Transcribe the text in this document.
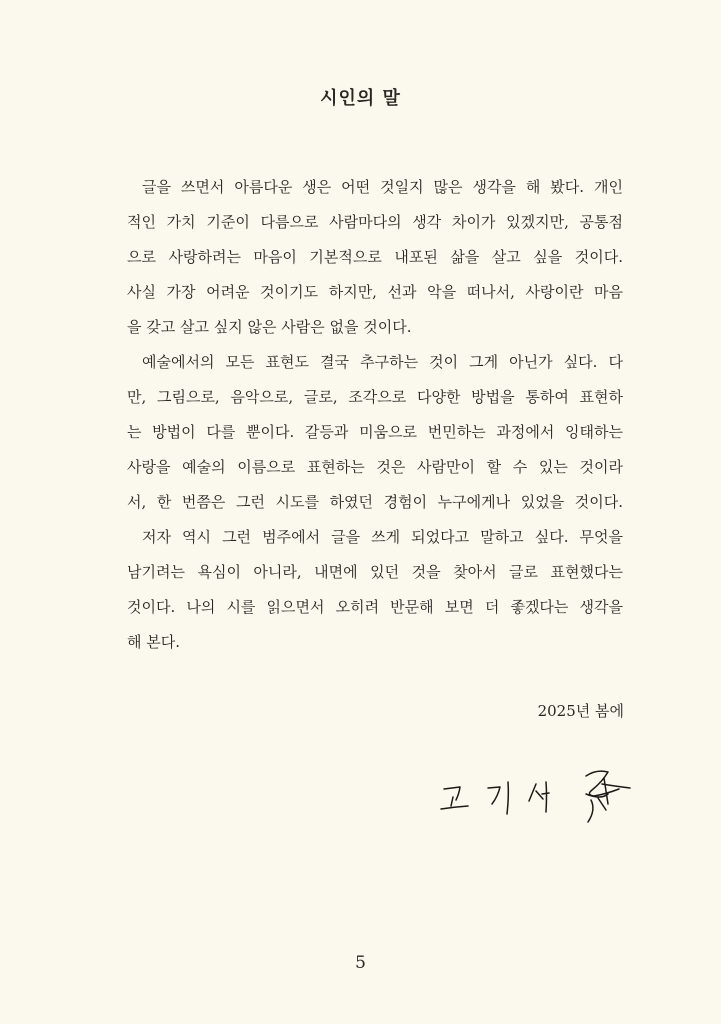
시인의 말

글을 쓰면서 아름다운 생은 어떤 것일지 많은 생각을 해 봤다. 개인
적인 가치 기준이 다름으로 사람마다의 생각 차이가 있겠지만, 공통점
으로 사랑하려는 마음이 기본적으로 내포된 삶을 살고 싶을 것이다.
사실 가장 어려운 것이기도 하지만, 선과 악을 떠나서, 사랑이란 마음
을 갖고 살고 싶지 않은 사람은 없을 것이다.

예술에서의 모든 표현도 결국 추구하는 것이 그게 아닌가 싶다. 다
만, 그림으로, 음악으로, 글로, 조각으로 다양한 방법을 통하여 표현하
는 방법이 다를 뿐이다. 갈등과 미움으로 번민하는 과정에서 잉태하는
사랑을 예술의 이름으로 표현하는 것은 사람만이 할 수 있는 것이라
서, 한 번쯤은 그런 시도를 하였던 경험이 누구에게나 있었을 것이다.

저자 역시 그런 범주에서 글을 쓰게 되었다고 말하고 싶다. 무엇을
남기려는 욕심이 아니라, 내면에 있던 것을 찾아서 글로 표현했다는
것이다. 나의 시를 읽으면서 오히려 반문해 보면 더 좋겠다는 생각을
해 본다.

2025년 봄에
5
